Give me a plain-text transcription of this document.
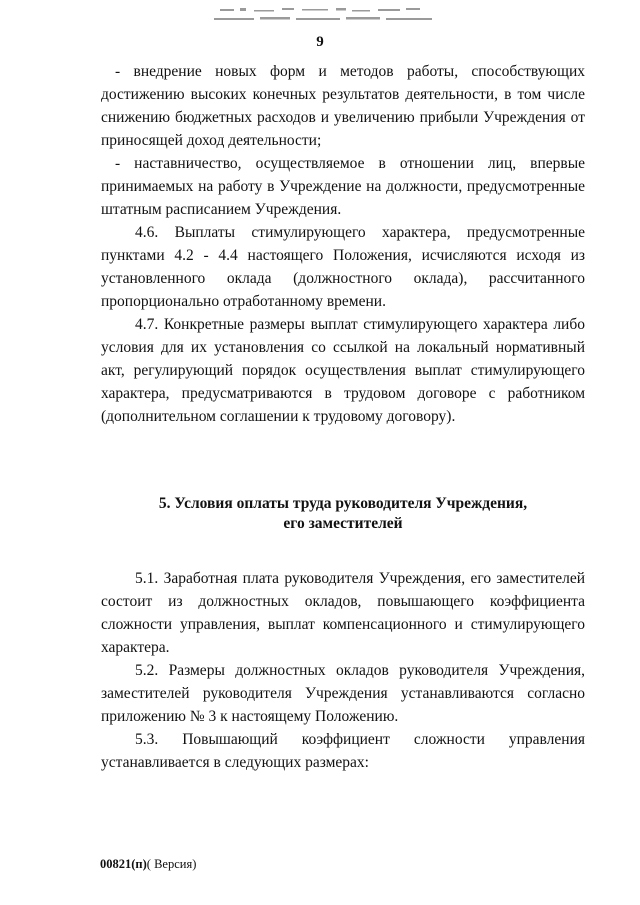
9

- внедрение новых форм и методов работы, способствующих достижению высоких конечных результатов деятельности, в том числе снижению бюджетных расходов и увеличению прибыли Учреждения от приносящей доход деятельности;

- наставничество, осуществляемое в отношении лиц, впервые принимаемых на работу в Учреждение на должности, предусмотренные штатным расписанием Учреждения.

4.6. Выплаты стимулирующего характера, предусмотренные пунктами 4.2 - 4.4 настоящего Положения, исчисляются исходя из установленного оклада (должностного оклада), рассчитанного пропорционально отработанному времени.

4.7. Конкретные размеры выплат стимулирующего характера либо условия для их установления со ссылкой на локальный нормативный акт, регулирующий порядок осуществления выплат стимулирующего характера, предусматриваются в трудовом договоре с работником (дополнительном соглашении к трудовому договору).

5. Условия оплаты труда руководителя Учреждения,
его заместителей

5.1. Заработная плата руководителя Учреждения, его заместителей состоит из должностных окладов, повышающего коэффициента сложности управления, выплат компенсационного и стимулирующего характера.

5.2. Размеры должностных окладов руководителя Учреждения, заместителей руководителя Учреждения устанавливаются согласно приложению № 3 к настоящему Положению.

5.3. Повышающий коэффициент сложности управления устанавливается в следующих размерах:

00821(п)( Версия)
